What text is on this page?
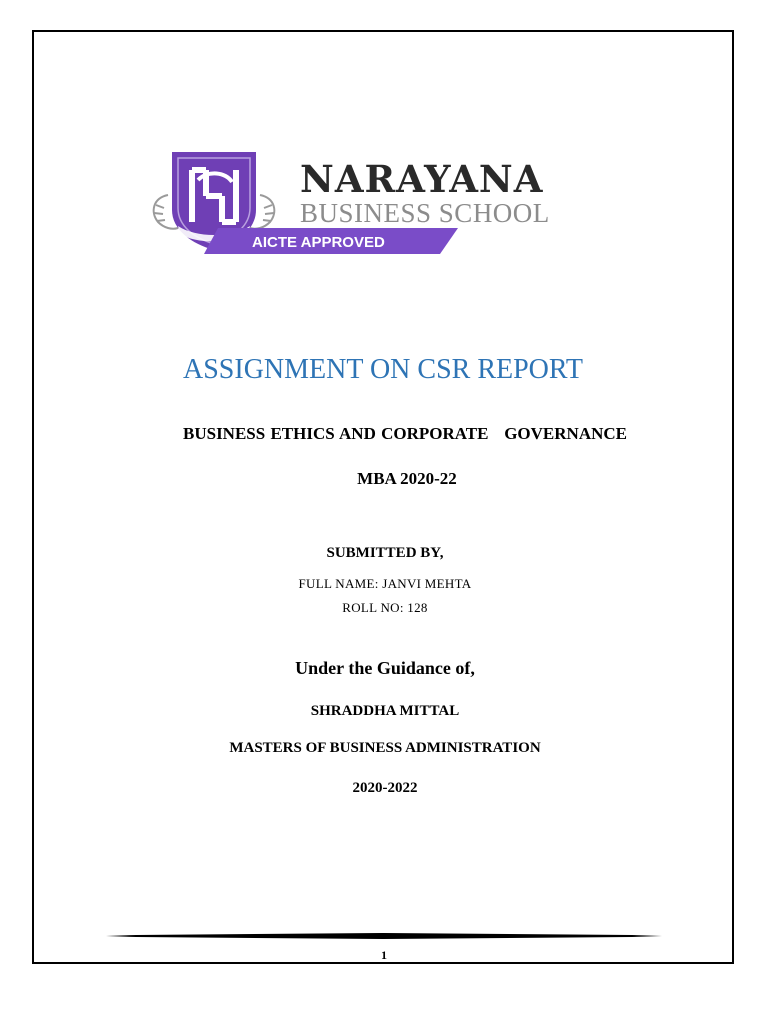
AICTE APPROVED
NARAYANA
BUSINESS SCHOOL
ASSIGNMENT ON CSR REPORT
BUSINESS ETHICS AND CORPORATE   GOVERNANCE
MBA 2020-22
SUBMITTED BY,
FULL NAME: JANVI MEHTA
ROLL NO: 128
Under the Guidance of,
SHRADDHA MITTAL
MASTERS OF BUSINESS ADMINISTRATION
2020-2022
1
